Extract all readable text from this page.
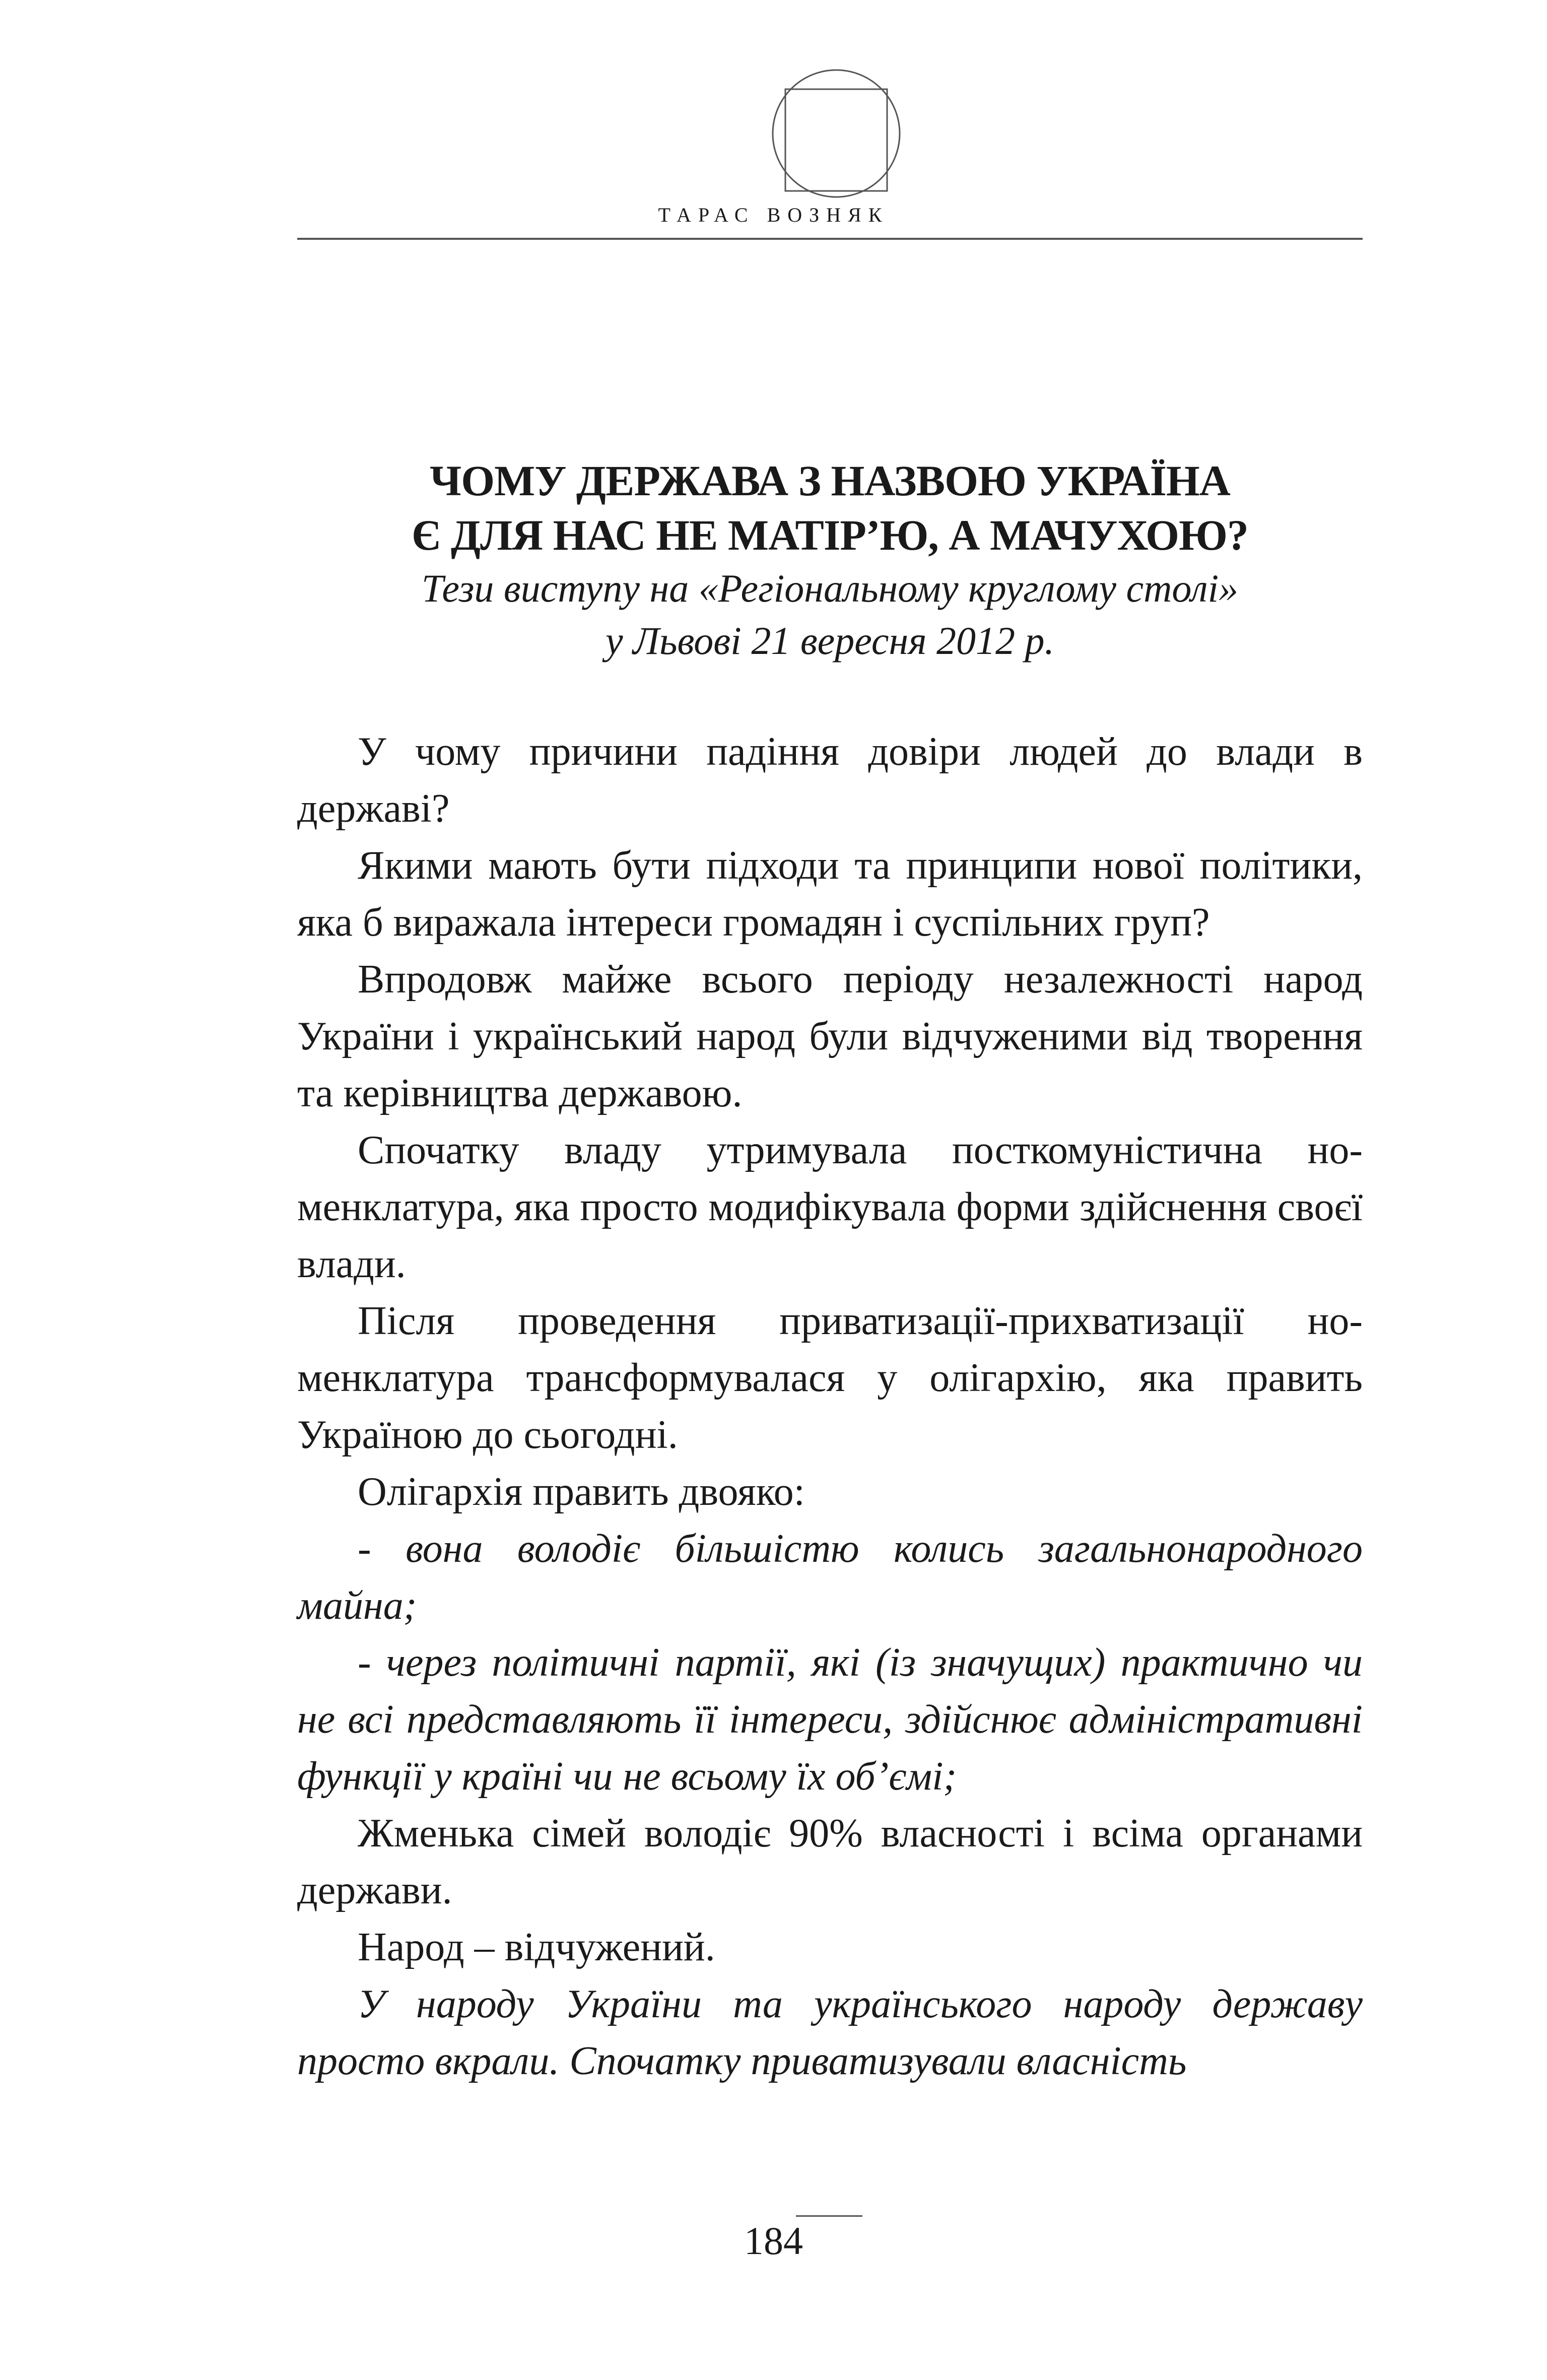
ТАРАС ВОЗНЯК
ЧОМУ ДЕРЖАВА З НАЗВОЮ УКРАЇНА
Є ДЛЯ НАС НЕ МАТІР’Ю, А МАЧУХОЮ?
Тези виступу на «Регіональному круглому столі»
у Львові 21 вересня 2012 р.

У чому причини падіння довіри людей до влади в державі?

Якими мають бути підходи та принципи нової політики, яка б виражала інтереси громадян і суспільних груп?

Впродовж майже всього періоду незалежності народ України і український народ були відчуженими від творення та керівництва державою.

Спочатку владу утримувала посткомуністична номенклатура, яка просто модифікувала форми здійснення своєї влади.

Після проведення приватизації-прихватизації номенклатура трансформувалася у олігархію, яка править Україною до сьогодні.

Олігархія править двояко:

- вона володіє більшістю колись загальнонародного майна;

- через політичні партії, які (із значущих) практично чи не всі представляють її інтереси, здійснює адміністративні функції у країні чи не всьому їх об’ємі;

Жменька сімей володіє 90% власності і всіма органами держави.

Народ – відчужений.

У народу України та українського народу державу просто вкрали. Спочатку приватизували власність

184
